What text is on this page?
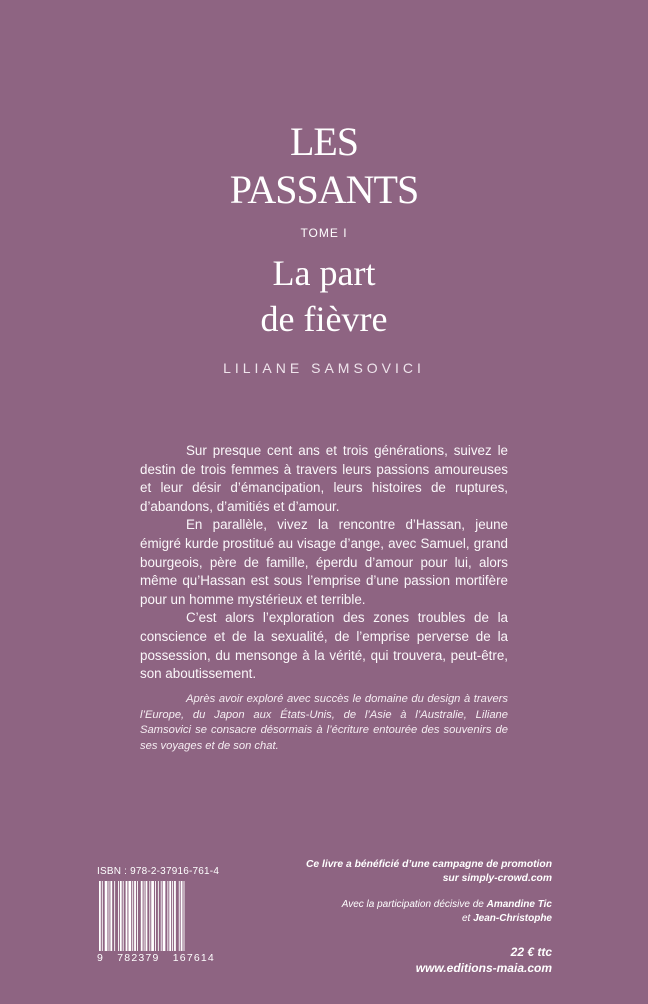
LES
PASSANTS
TOME I
La part
de fièvre
LILIANE SAMSOVICI

Sur presque cent ans et trois générations, suivez le destin de trois femmes à travers leurs passions amoureuses et leur désir d’émancipation, leurs histoires de ruptures, d’abandons, d’amitiés et d’amour.

En parallèle, vivez la rencontre d’Hassan, jeune émigré kurde prostitué au visage d’ange, avec Samuel, grand bourgeois, père de famille, éperdu d’amour pour lui, alors même qu’Hassan est sous l’emprise d’une passion mortifère pour un homme mystérieux et terrible.

C’est alors l’exploration des zones troubles de la conscience et de la sexualité, de l’emprise perverse de la possession, du mensonge à la vérité, qui trouvera, peut-être, son aboutissement.

Après avoir exploré avec succès le domaine du design à travers l’Europe, du Japon aux États-Unis, de l’Asie à l’Australie, Liliane Samsovici se consacre désormais à l’écriture entourée des souvenirs de ses voyages et de son chat.

ISBN : 978-2-37916-761-4
9 782379 167614
Ce livre a bénéficié d’une campagne de promotion
sur simply-crowd.com
Avec la participation décisive de Amandine Tic
et Jean-Christophe
22 € ttc
www.editions-maia.com
